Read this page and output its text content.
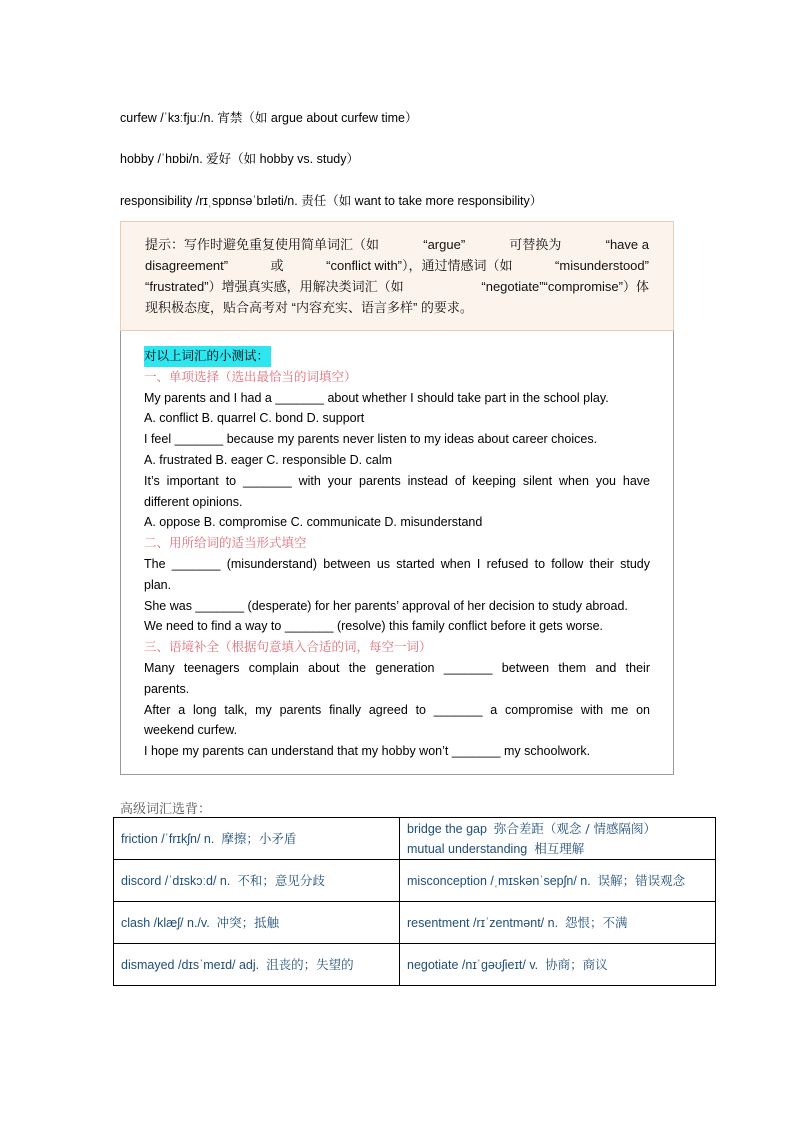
curfew /ˈkɜːfjuː/n. 宵禁（如 argue about curfew time）
hobby /ˈhɒbi/n. 爱好（如 hobby vs. study）
responsibility /rɪˌspɒnsəˈbɪləti/n. 责任（如 want to take more responsibility）
提示：写作时避免重复使用简单词汇（如	“argue”	可替换为	“have a
disagreement”	或	“conflict with”），通过情感词（如	“misunderstood”
“frustrated”）增强真实感，用解决类词汇（如	“negotiate”“compromise”）体
现积极态度，贴合高考对 “内容充实、语言多样” 的要求。
对以上词汇的小测试：
一、单项选择（选出最恰当的词填空）
My parents and I had a _______ about whether I should take part in the school play.
A. conflict B. quarrel C. bond D. support
I feel _______ because my parents never listen to my ideas about career choices.
A. frustrated B. eager C. responsible D. calm
It’s important to _______ with your parents instead of keeping silent when you have
different opinions.
A. oppose B. compromise C. communicate D. misunderstand
二、用所给词的适当形式填空
The _______ (misunderstand) between us started when I refused to follow their study
plan.
She was _______ (desperate) for her parents’ approval of her decision to study abroad.
We need to find a way to _______ (resolve) this family conflict before it gets worse.
三、语境补全（根据句意填入合适的词，每空一词）
Many teenagers complain about the generation _______ between them and their
parents.
After a long talk, my parents finally agreed to _______ a compromise with me on
weekend curfew.
I hope my parents can understand that my hobby won’t _______ my schoolwork.
高级词汇选背：
friction /ˈfrɪkʃn/ n. 摩擦；小矛盾	bridge the gap 弥合差距（观念 / 情感隔阂）
mutual understanding 相互理解

discord /ˈdɪskɔːd/ n. 不和；意见分歧	misconception /ˌmɪskənˈsepʃn/ n. 误解；错误观念

clash /klæʃ/ n./v. 冲突；抵触	resentment /rɪˈzentmənt/ n. 怨恨；不满

dismayed /dɪsˈmeɪd/ adj. 沮丧的；失望的	negotiate /nɪˈɡəʊʃieɪt/ v. 协商；商议
